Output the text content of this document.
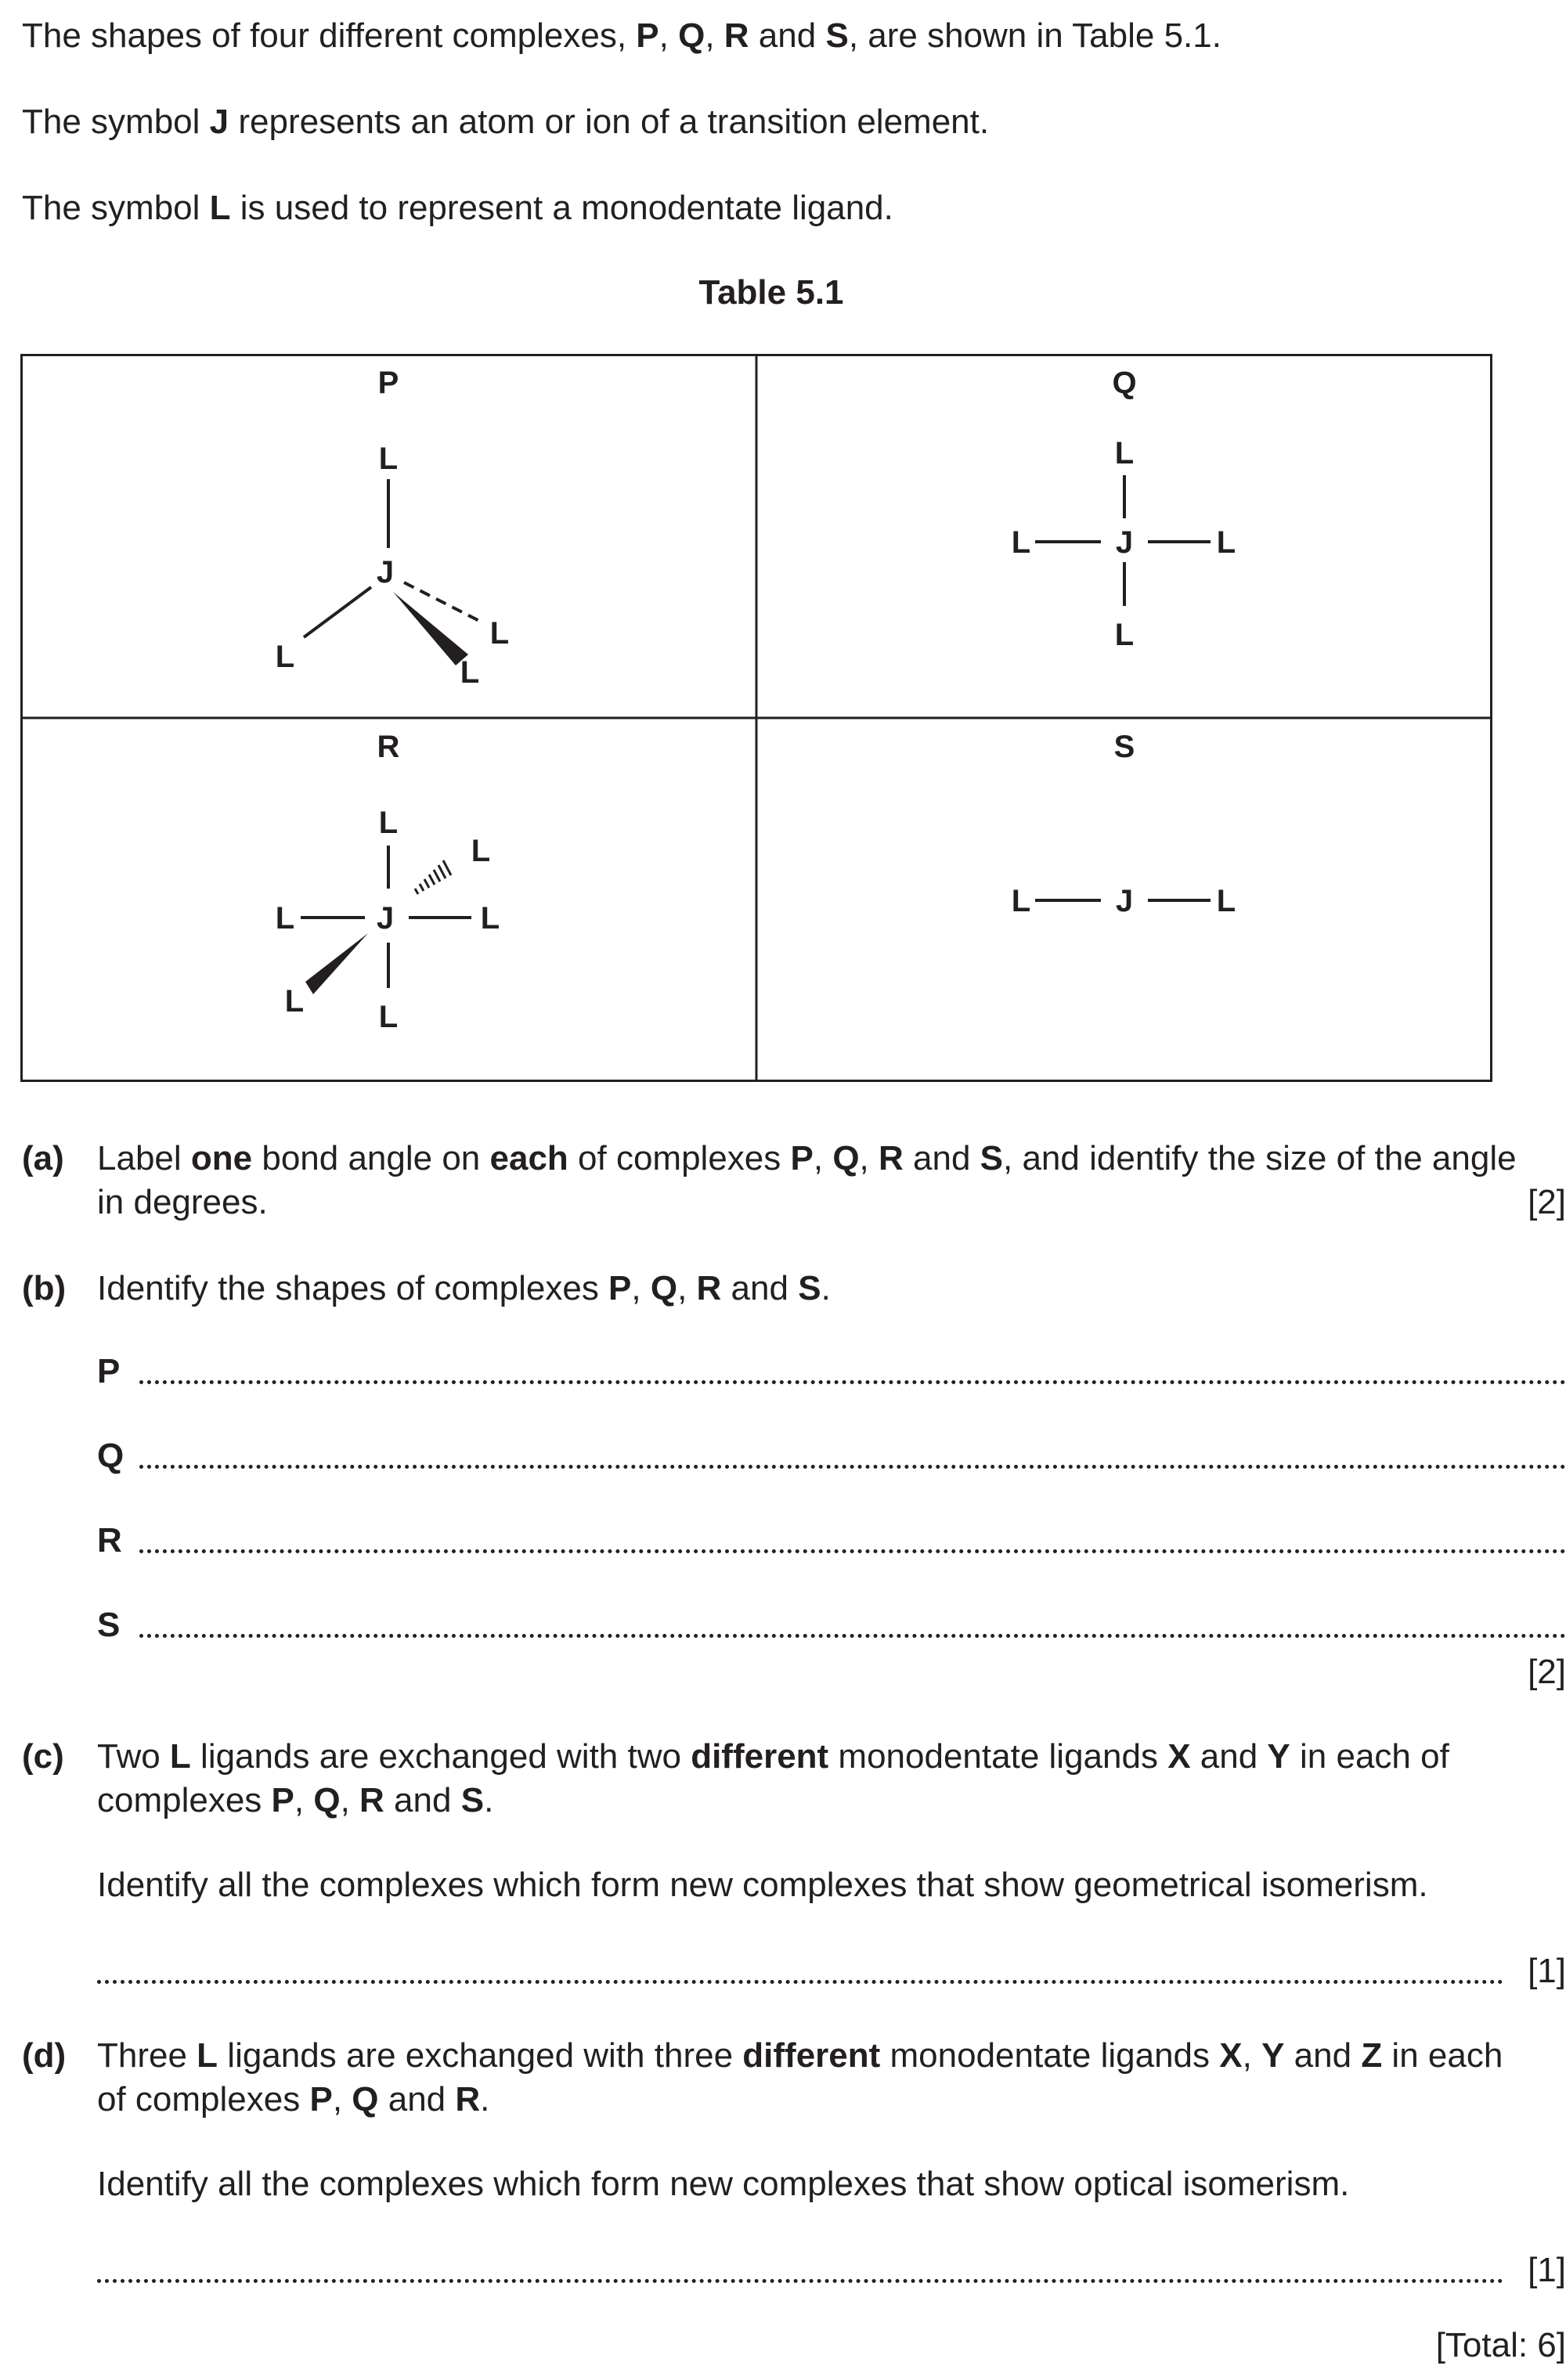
The shapes of four different complexes, P, Q, R and S, are shown in Table 5.1.
The symbol J represents an atom or ion of a transition element.
The symbol L is used to represent a monodentate ligand.
Table 5.1
P
L
J
L
L
L
Q
L
J
L	L
L
R
L
J
L	L
L
L L
S
L	J	L
(a) Label one bond angle on each of complexes P, Q, R and S, and identify the size of the angle
in degrees.	[2]
(b) Identify the shapes of complexes P, Q, R and S.
P
Q
R
S
[2]
(c) Two L ligands are exchanged with two different monodentate ligands X and Y in each of
complexes P, Q, R and S.
Identify all the complexes which form new complexes that show geometrical isomerism.
[1]
(d) Three L ligands are exchanged with three different monodentate ligands X, Y and Z in each
of complexes P, Q and R.
Identify all the complexes which form new complexes that show optical isomerism.
[1]
[Total: 6]
